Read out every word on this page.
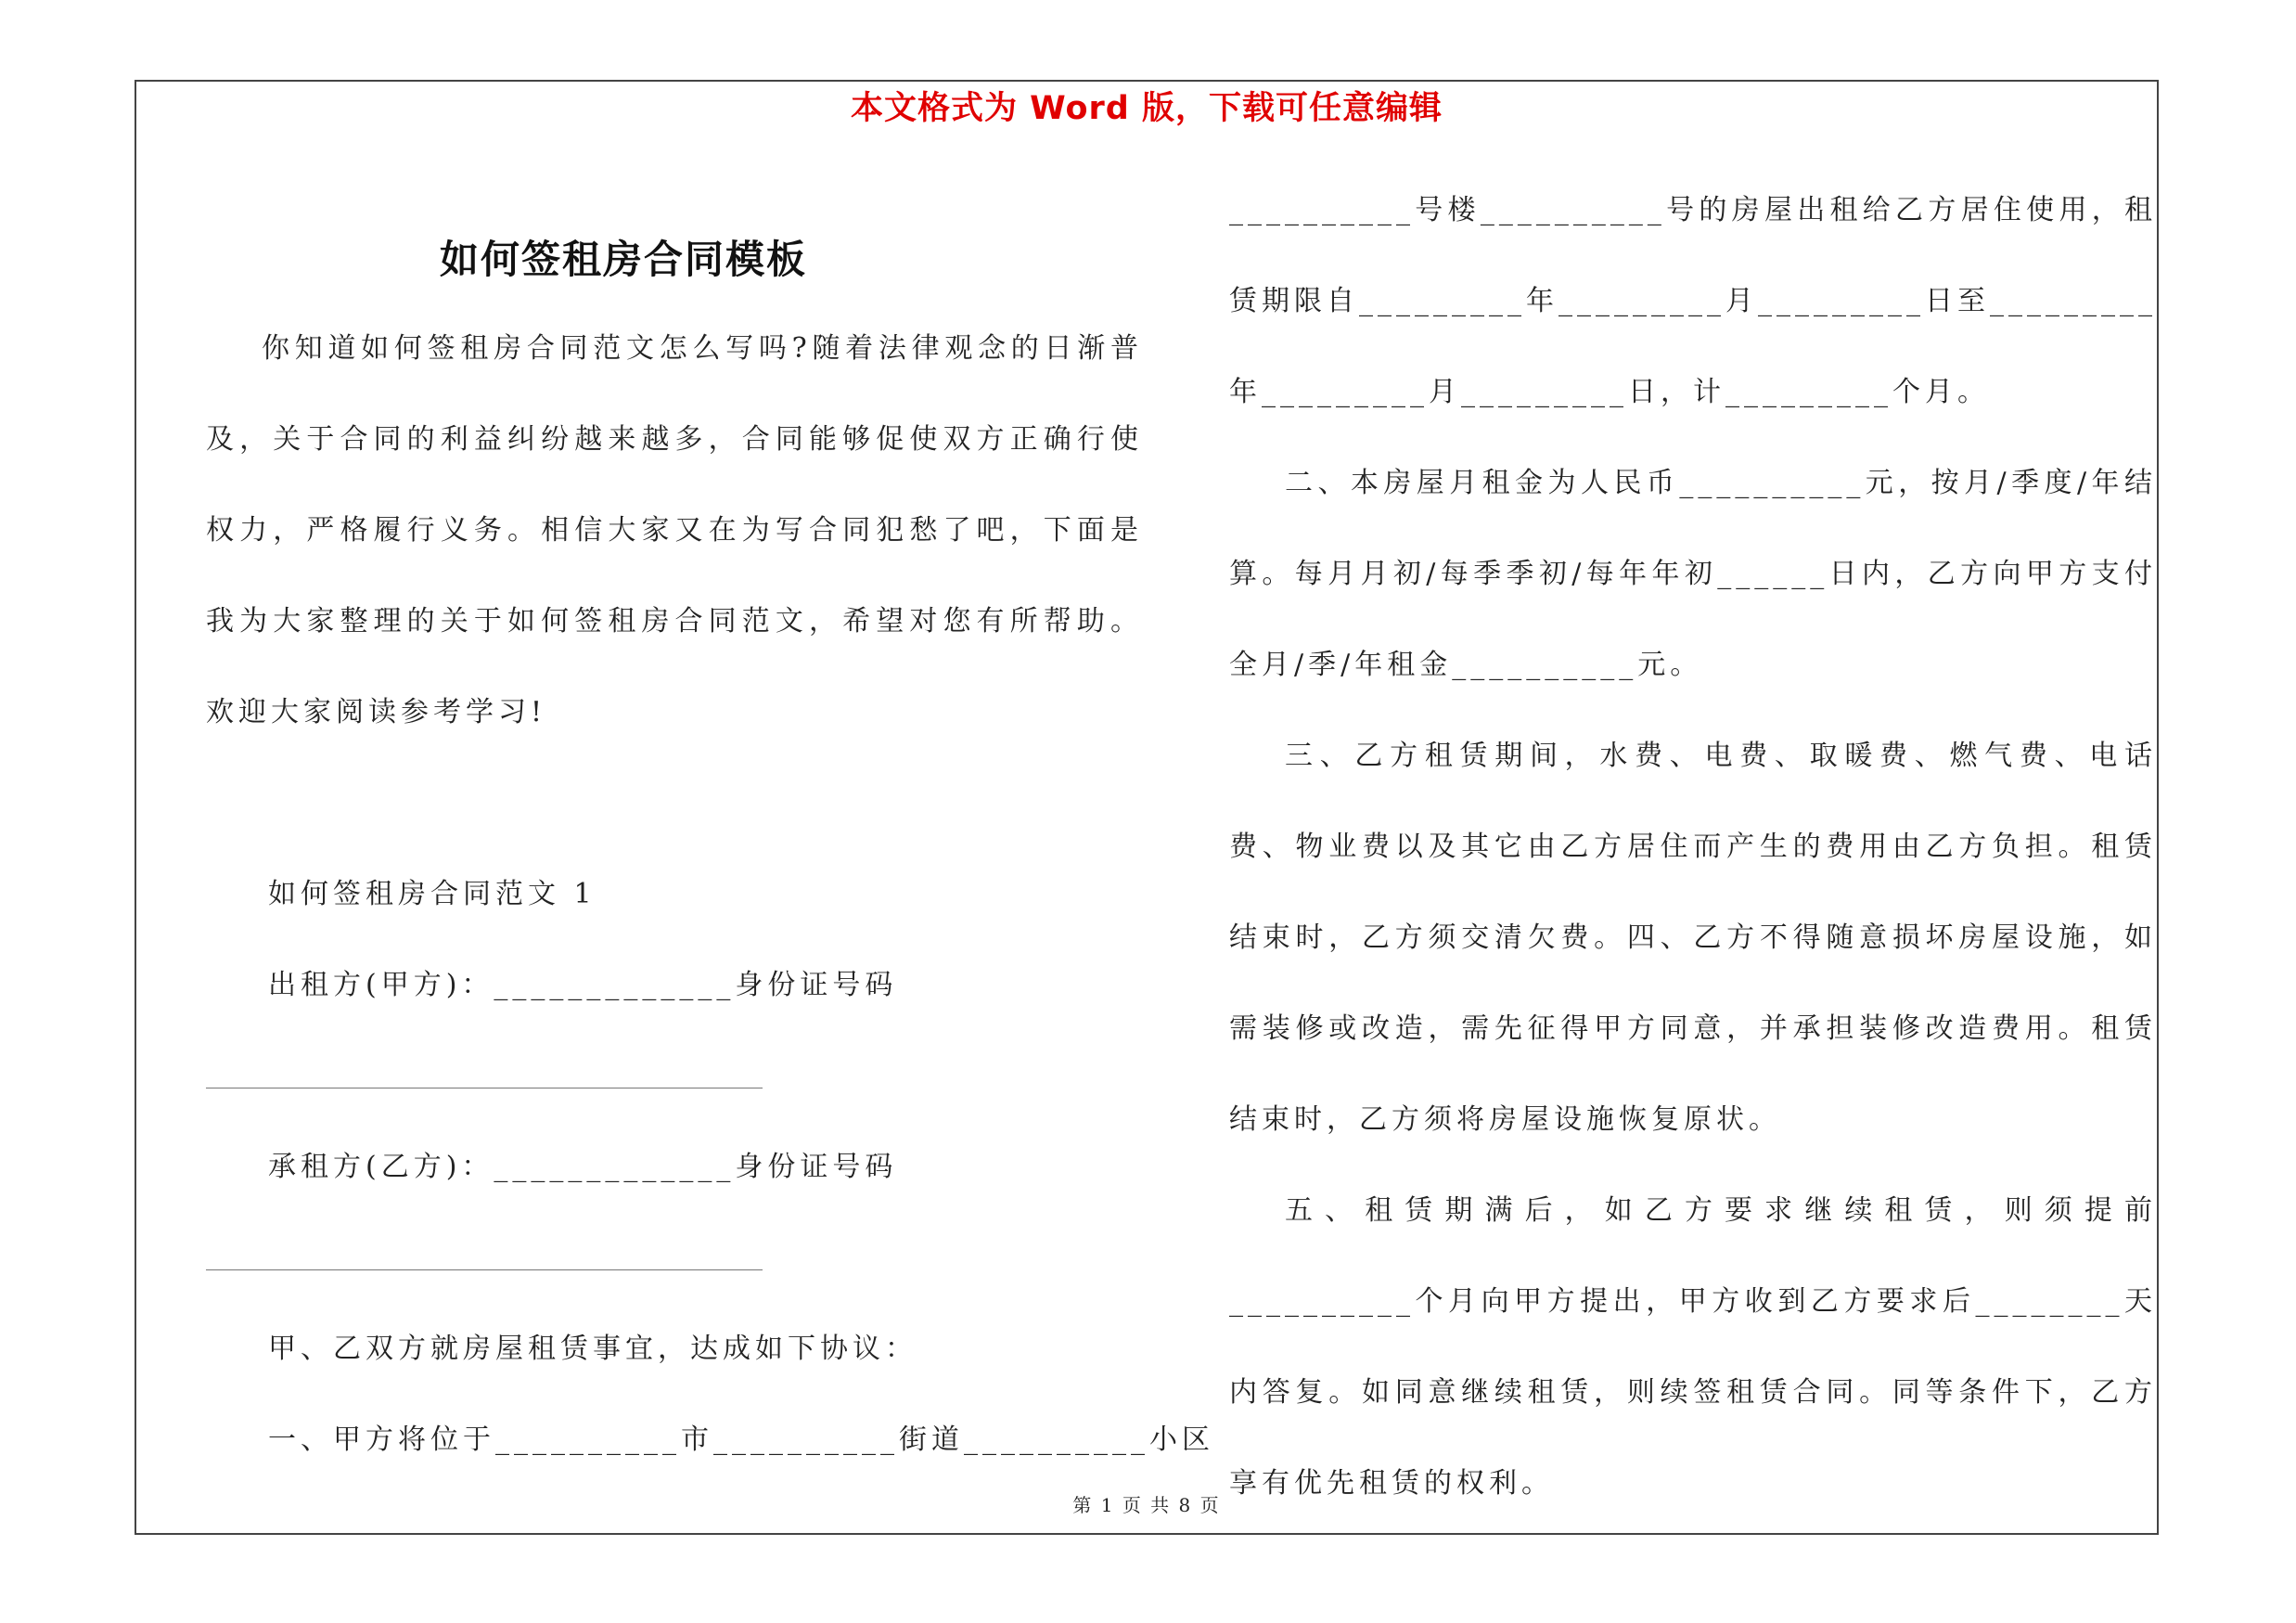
本文格式为 Word 版，下载可任意编辑
如何签租房合同模板

你知道如何签租房合同范文怎么写吗?随着法律观念的日渐普及，关于合同的利益纠纷越来越多，合同能够促使双方正确行使权力，严格履行义务。相信大家又在为写合同犯愁了吧，下面是我为大家整理的关于如何签租房合同范文，希望对您有所帮助。欢迎大家阅读参考学习!

如何签租房合同范文 1

出租方(甲方)：_____________身份证号码

承租方(乙方)：_____________身份证号码

甲、乙双方就房屋租赁事宜，达成如下协议：

一、甲方将位于__________市__________街道__________小区

__________号楼__________号的房屋出租给乙方居住使用，租赁期限自_________年_________月_________日至_________年_________月_________日，计_________个月。

二、本房屋月租金为人民币__________元，按月/季度/年结算。每月月初/每季季初/每年年初______日内，乙方向甲方支付全月/季/年租金__________元。

三、乙方租赁期间，水费、电费、取暖费、燃气费、电话费、物业费以及其它由乙方居住而产生的费用由乙方负担。租赁结束时，乙方须交清欠费。四、乙方不得随意损坏房屋设施，如需装修或改造，需先征得甲方同意，并承担装修改造费用。租赁结束时，乙方须将房屋设施恢复原状。

五、租赁期满后，如乙方要求继续租赁，则须提前__________个月向甲方提出，甲方收到乙方要求后________天内答复。如同意继续租赁，则续签租赁合同。同等条件下，乙方享有优先租赁的权利。

第 1 页 共 8 页
